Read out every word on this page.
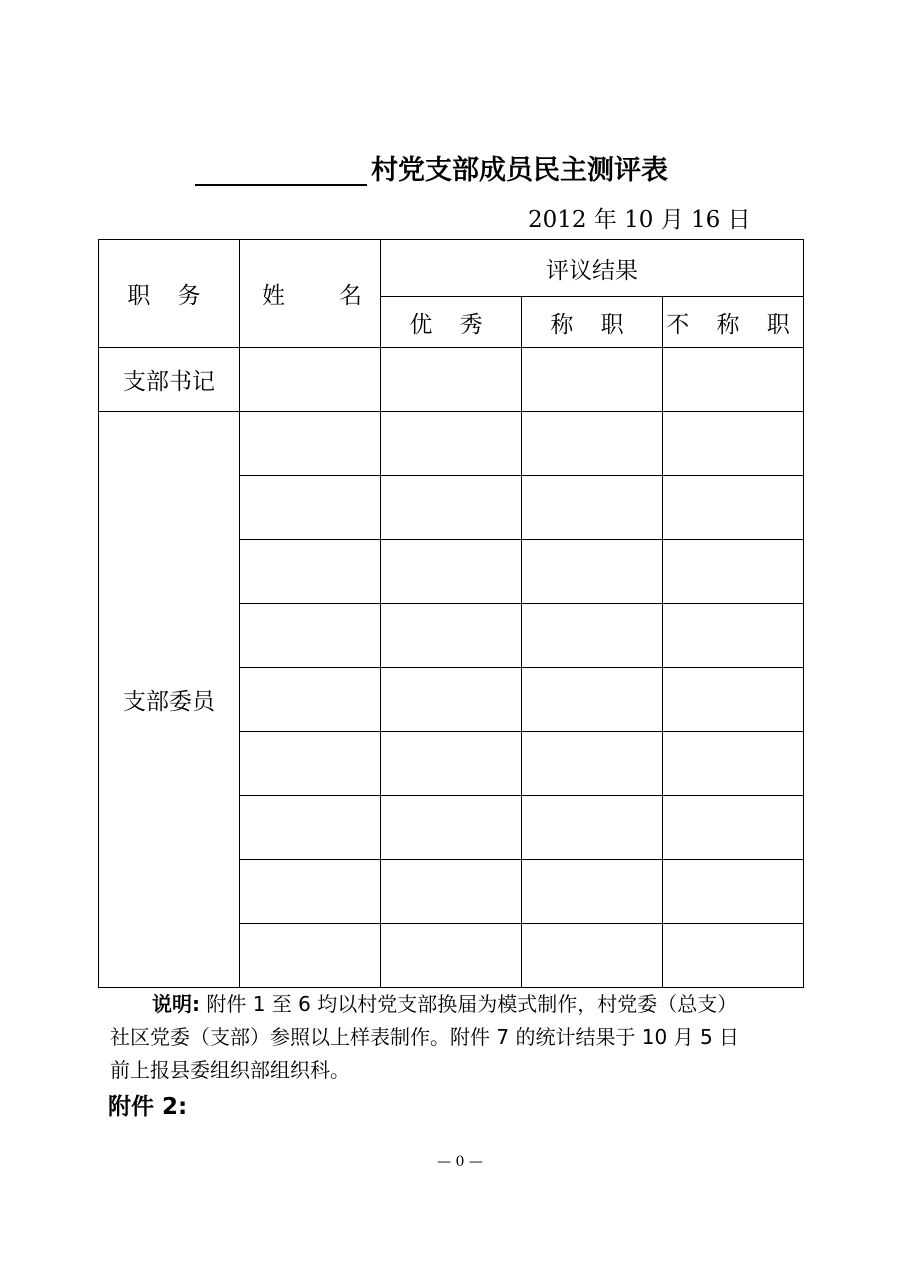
村党支部成员民主测评表
2012 年 10 月 16 日
职 务	姓 名	评议结果		
		优 秀	称 职	不 称 职
支部书记				
支部委员				

说明: 附件 1 至 6 均以村党支部换届为模式制作，村党委（总支）
社区党委（支部）参照以上样表制作。附件 7 的统计结果于 10 月 5 日
前上报县委组织部组织科。
附件 2:
— 0 —
